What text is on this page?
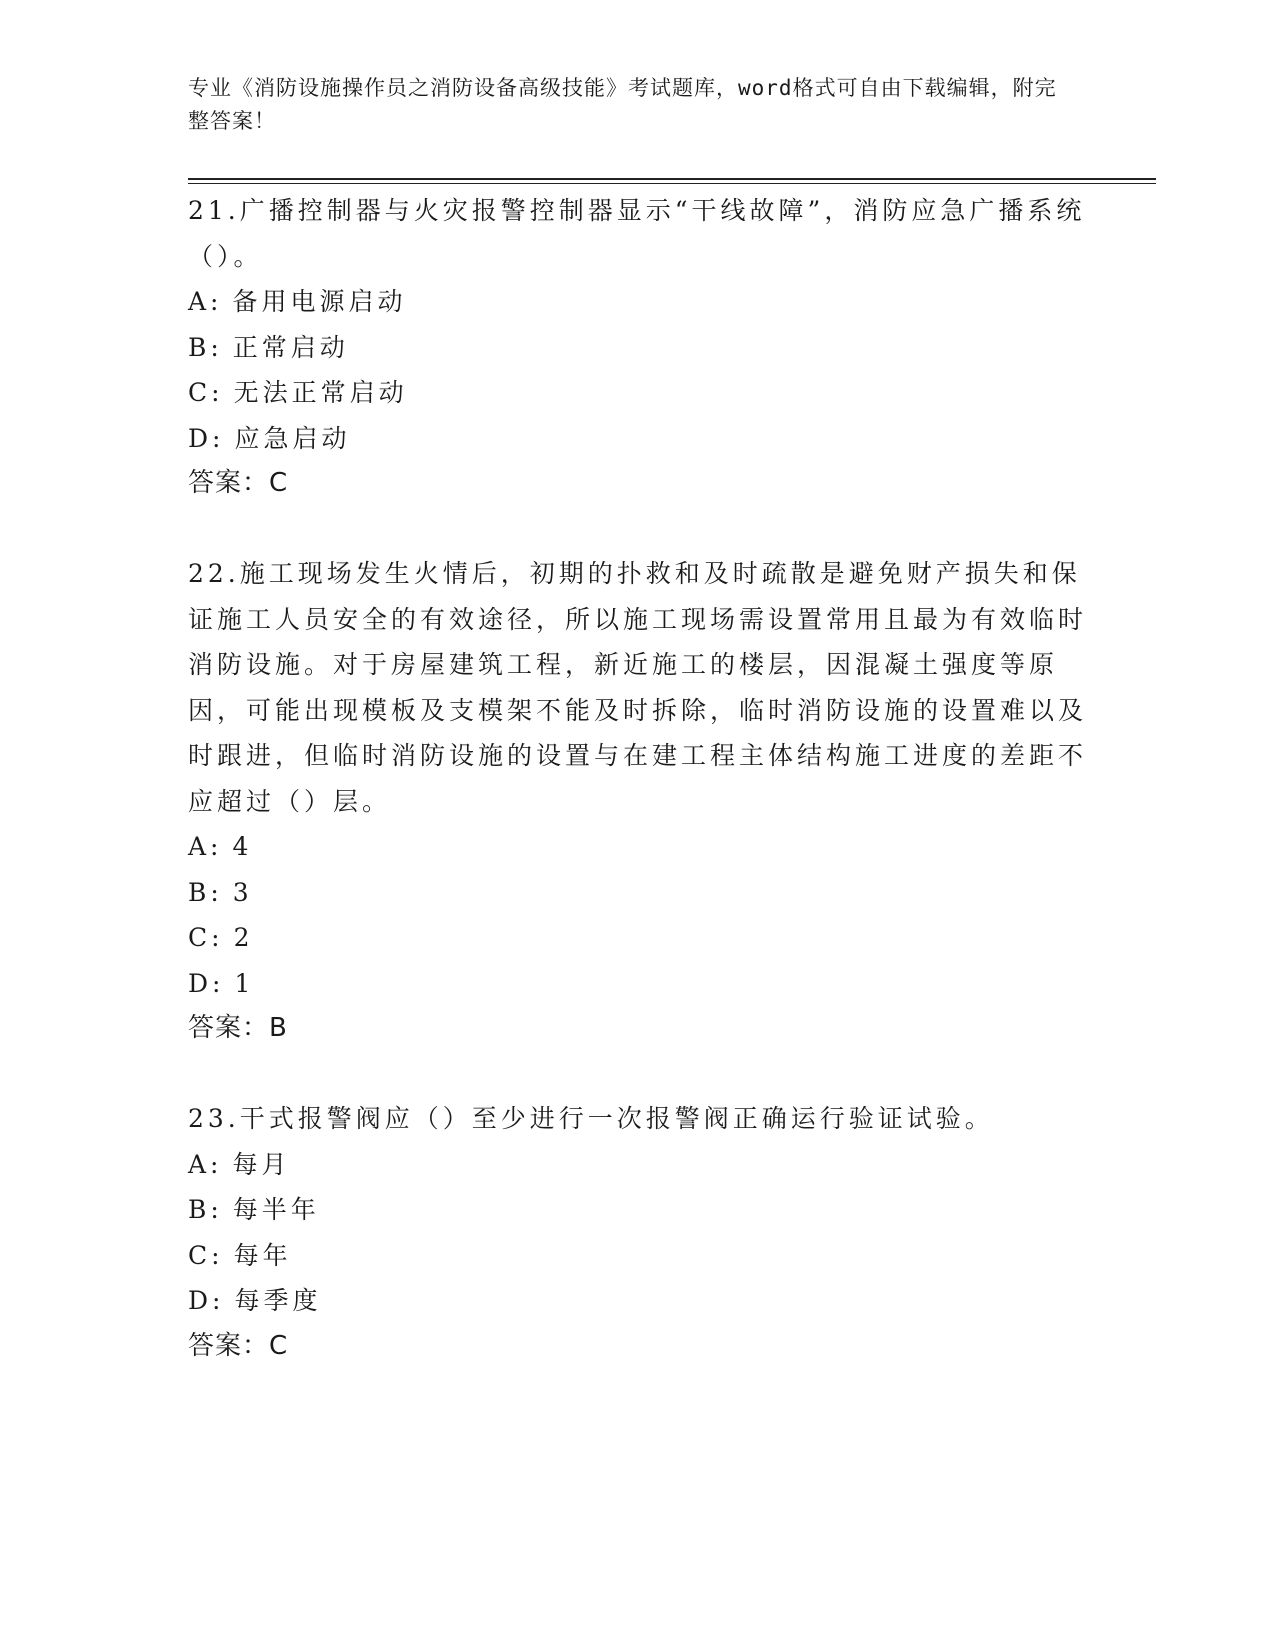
专业《消防设施操作员之消防设备高级技能》考试题库，word格式可自由下载编辑，附完整答案！

21.广播控制器与火灾报警控制器显示“干线故障”，消防应急广播系统（）。

A: 备用电源启动

B: 正常启动

C: 无法正常启动

D: 应急启动

答案：C

22.施工现场发生火情后，初期的扑救和及时疏散是避免财产损失和保证施工人员安全的有效途径，所以施工现场需设置常用且最为有效临时消防设施。对于房屋建筑工程，新近施工的楼层，因混凝土强度等原因，可能出现模板及支模架不能及时拆除，临时消防设施的设置难以及时跟进，但临时消防设施的设置与在建工程主体结构施工进度的差距不应超过（）层。

A: 4

B: 3

C: 2

D: 1

答案：B

23.干式报警阀应（）至少进行一次报警阀正确运行验证试验。

A: 每月

B: 每半年

C: 每年

D: 每季度

答案：C
